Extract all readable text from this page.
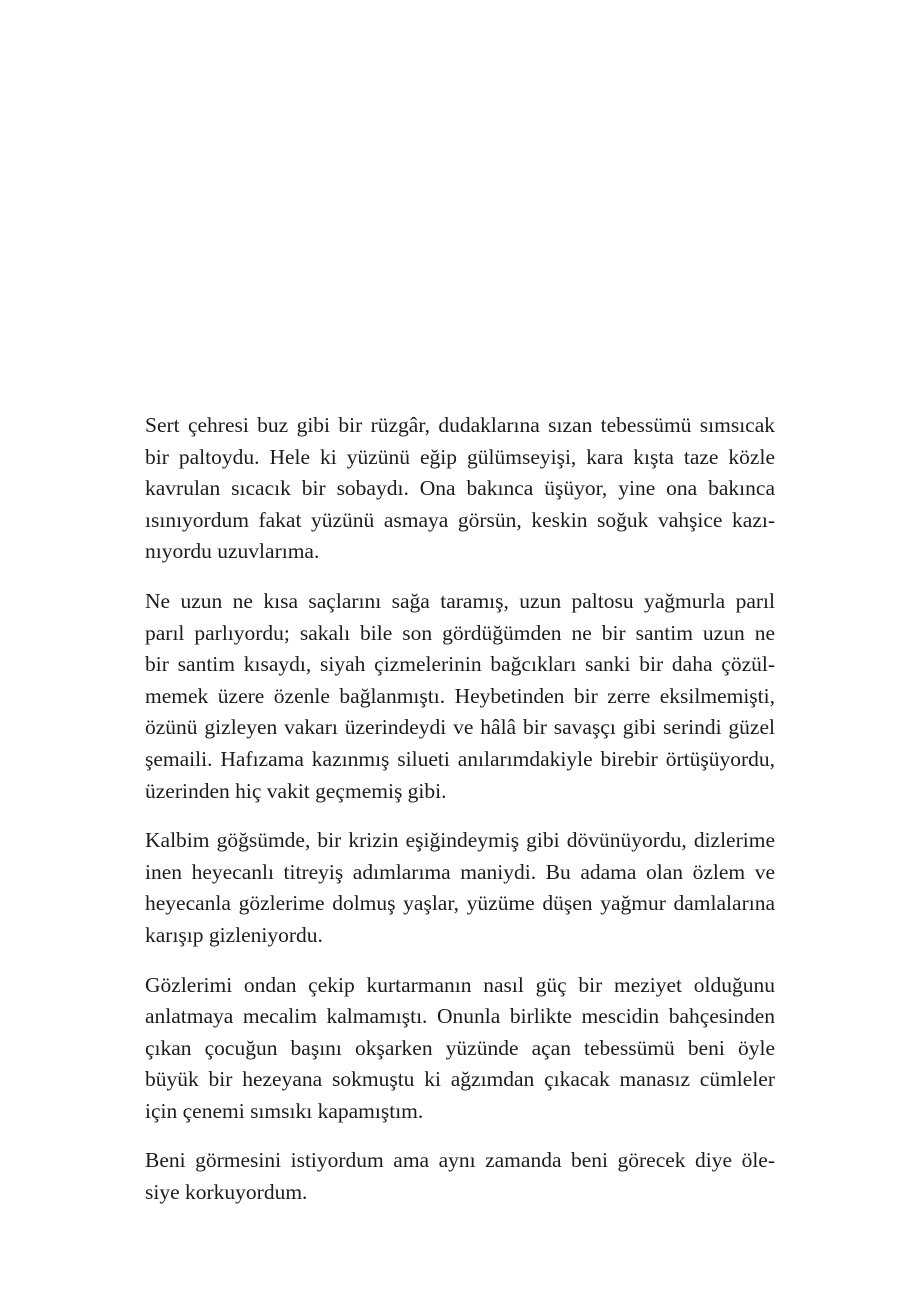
Sert çehresi buz gibi bir rüzgâr, dudaklarına sızan tebessümü sımsıcak
bir paltoydu. Hele ki yüzünü eğip gülümseyişi, kara kışta taze közle
kavrulan sıcacık bir sobaydı. Ona bakınca üşüyor, yine ona bakınca
ısınıyordum fakat yüzünü asmaya görsün, keskin soğuk vahşice kazı-
nıyordu uzuvlarıma.

Ne uzun ne kısa saçlarını sağa taramış, uzun paltosu yağmurla parıl
parıl parlıyordu; sakalı bile son gördüğümden ne bir santim uzun ne
bir santim kısaydı, siyah çizmelerinin bağcıkları sanki bir daha çözül-
memek üzere özenle bağlanmıştı. Heybetinden bir zerre eksilmemişti,
özünü gizleyen vakarı üzerindeydi ve hâlâ bir savaşçı gibi serindi güzel
şemaili. Hafızama kazınmış silueti anılarımdakiyle birebir örtüşüyordu,
üzerinden hiç vakit geçmemiş gibi.

Kalbim göğsümde, bir krizin eşiğindeymiş gibi dövünüyordu, dizlerime
inen heyecanlı titreyiş adımlarıma maniydi. Bu adama olan özlem ve
heyecanla gözlerime dolmuş yaşlar, yüzüme düşen yağmur damlalarına
karışıp gizleniyordu.

Gözlerimi ondan çekip kurtarmanın nasıl güç bir meziyet olduğunu
anlatmaya mecalim kalmamıştı. Onunla birlikte mescidin bahçesinden
çıkan çocuğun başını okşarken yüzünde açan tebessümü beni öyle
büyük bir hezeyana sokmuştu ki ağzımdan çıkacak manasız cümleler
için çenemi sımsıkı kapamıştım.

Beni görmesini istiyordum ama aynı zamanda beni görecek diye öle-
siye korkuyordum.
